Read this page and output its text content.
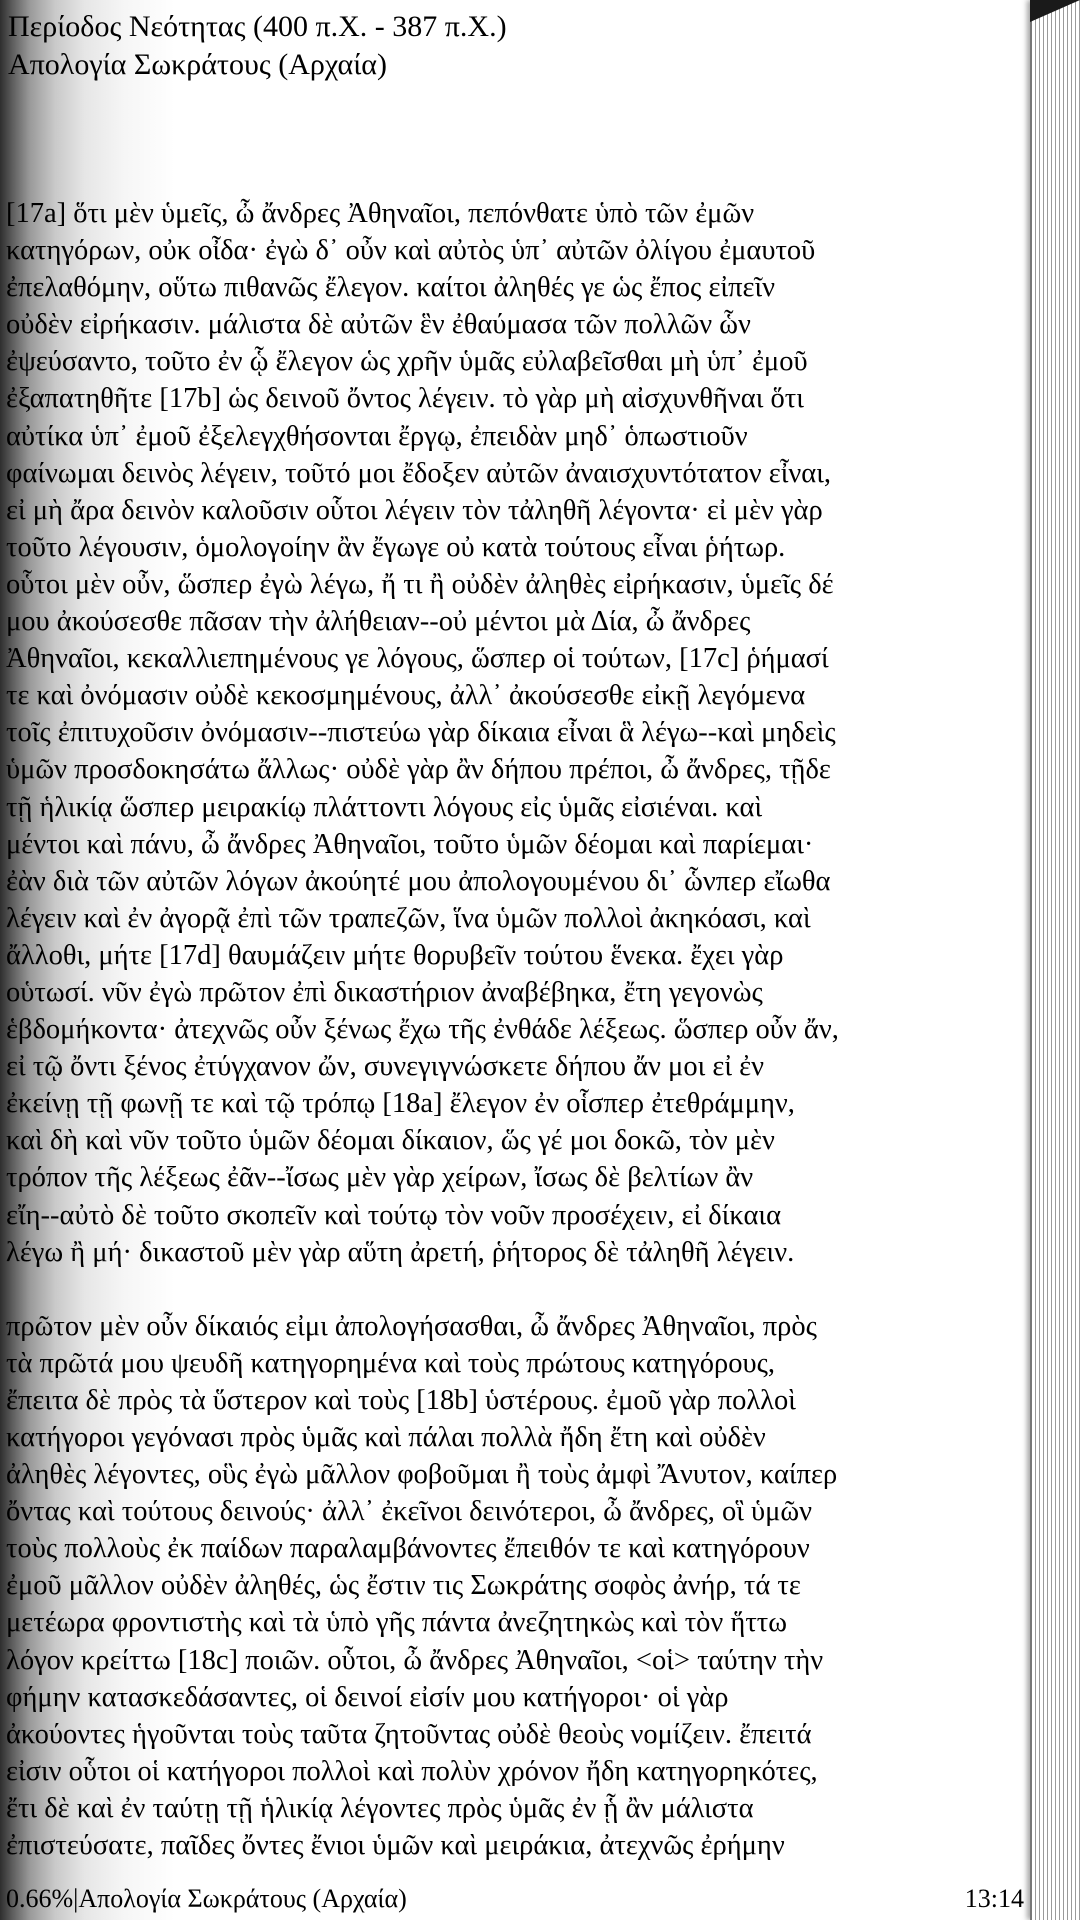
Περίοδος Νεότητας (400 π.Χ. - 387 π.Χ.)
Απολογία Σωκράτους (Αρχαία)

[17a] ὅτι μὲν ὑμεῖς, ὦ ἄνδρες Ἀθηναῖοι, πεπόνθατε ὑπὸ τῶν ἐμῶν
κατηγόρων, οὐκ οἶδα· ἐγὼ δ᾽ οὖν καὶ αὐτὸς ὑπ᾽ αὐτῶν ὀλίγου ἐμαυτοῦ
ἐπελαθόμην, οὕτω πιθανῶς ἔλεγον. καίτοι ἀληθές γε ὡς ἔπος εἰπεῖν
οὐδὲν εἰρήκασιν. μάλιστα δὲ αὐτῶν ἓν ἐθαύμασα τῶν πολλῶν ὧν
ἐψεύσαντο, τοῦτο ἐν ᾧ ἔλεγον ὡς χρῆν ὑμᾶς εὐλαβεῖσθαι μὴ ὑπ᾽ ἐμοῦ
ἐξαπατηθῆτε [17b] ὡς δεινοῦ ὄντος λέγειν. τὸ γὰρ μὴ αἰσχυνθῆναι ὅτι
αὐτίκα ὑπ᾽ ἐμοῦ ἐξελεγχθήσονται ἔργῳ, ἐπειδὰν μηδ᾽ ὁπωστιοῦν
φαίνωμαι δεινὸς λέγειν, τοῦτό μοι ἔδοξεν αὐτῶν ἀναισχυντότατον εἶναι,
εἰ μὴ ἄρα δεινὸν καλοῦσιν οὗτοι λέγειν τὸν τἀληθῆ λέγοντα· εἰ μὲν γὰρ
τοῦτο λέγουσιν, ὁμολογοίην ἂν ἔγωγε οὐ κατὰ τούτους εἶναι ῥήτωρ.
οὗτοι μὲν οὖν, ὥσπερ ἐγὼ λέγω, ἤ τι ἢ οὐδὲν ἀληθὲς εἰρήκασιν, ὑμεῖς δέ
μου ἀκούσεσθε πᾶσαν τὴν ἀλήθειαν--οὐ μέντοι μὰ Δία, ὦ ἄνδρες
Ἀθηναῖοι, κεκαλλιεπημένους γε λόγους, ὥσπερ οἱ τούτων, [17c] ῥήμασί
τε καὶ ὀνόμασιν οὐδὲ κεκοσμημένους, ἀλλ᾽ ἀκούσεσθε εἰκῇ λεγόμενα
τοῖς ἐπιτυχοῦσιν ὀνόμασιν--πιστεύω γὰρ δίκαια εἶναι ἃ λέγω--καὶ μηδεὶς
ὑμῶν προσδοκησάτω ἄλλως· οὐδὲ γὰρ ἂν δήπου πρέποι, ὦ ἄνδρες, τῇδε
τῇ ἡλικίᾳ ὥσπερ μειρακίῳ πλάττοντι λόγους εἰς ὑμᾶς εἰσιέναι. καὶ
μέντοι καὶ πάνυ, ὦ ἄνδρες Ἀθηναῖοι, τοῦτο ὑμῶν δέομαι καὶ παρίεμαι·
ἐὰν διὰ τῶν αὐτῶν λόγων ἀκούητέ μου ἀπολογουμένου δι᾽ ὧνπερ εἴωθα
λέγειν καὶ ἐν ἀγορᾷ ἐπὶ τῶν τραπεζῶν, ἵνα ὑμῶν πολλοὶ ἀκηκόασι, καὶ
ἄλλοθι, μήτε [17d] θαυμάζειν μήτε θορυβεῖν τούτου ἕνεκα. ἔχει γὰρ
οὑτωσί. νῦν ἐγὼ πρῶτον ἐπὶ δικαστήριον ἀναβέβηκα, ἔτη γεγονὼς
ἑβδομήκοντα· ἀτεχνῶς οὖν ξένως ἔχω τῆς ἐνθάδε λέξεως. ὥσπερ οὖν ἄν,
εἰ τῷ ὄντι ξένος ἐτύγχανον ὤν, συνεγιγνώσκετε δήπου ἄν μοι εἰ ἐν
ἐκείνῃ τῇ φωνῇ τε καὶ τῷ τρόπῳ [18a] ἔλεγον ἐν οἷσπερ ἐτεθράμμην,
καὶ δὴ καὶ νῦν τοῦτο ὑμῶν δέομαι δίκαιον, ὥς γέ μοι δοκῶ, τὸν μὲν
τρόπον τῆς λέξεως ἐᾶν--ἴσως μὲν γὰρ χείρων, ἴσως δὲ βελτίων ἂν
εἴη--αὐτὸ δὲ τοῦτο σκοπεῖν καὶ τούτῳ τὸν νοῦν προσέχειν, εἰ δίκαια
λέγω ἢ μή· δικαστοῦ μὲν γὰρ αὕτη ἀρετή, ῥήτορος δὲ τἀληθῆ λέγειν.

πρῶτον μὲν οὖν δίκαιός εἰμι ἀπολογήσασθαι, ὦ ἄνδρες Ἀθηναῖοι, πρὸς
τὰ πρῶτά μου ψευδῆ κατηγορημένα καὶ τοὺς πρώτους κατηγόρους,
ἔπειτα δὲ πρὸς τὰ ὕστερον καὶ τοὺς [18b] ὑστέρους. ἐμοῦ γὰρ πολλοὶ
κατήγοροι γεγόνασι πρὸς ὑμᾶς καὶ πάλαι πολλὰ ἤδη ἔτη καὶ οὐδὲν
ἀληθὲς λέγοντες, οὓς ἐγὼ μᾶλλον φοβοῦμαι ἢ τοὺς ἀμφὶ Ἄνυτον, καίπερ
ὄντας καὶ τούτους δεινούς· ἀλλ᾽ ἐκεῖνοι δεινότεροι, ὦ ἄνδρες, οἳ ὑμῶν
τοὺς πολλοὺς ἐκ παίδων παραλαμβάνοντες ἔπειθόν τε καὶ κατηγόρουν
ἐμοῦ μᾶλλον οὐδὲν ἀληθές, ὡς ἔστιν τις Σωκράτης σοφὸς ἀνήρ, τά τε
μετέωρα φροντιστὴς καὶ τὰ ὑπὸ γῆς πάντα ἀνεζητηκὼς καὶ τὸν ἥττω
λόγον κρείττω [18c] ποιῶν. οὗτοι, ὦ ἄνδρες Ἀθηναῖοι, <οἱ> ταύτην τὴν
φήμην κατασκεδάσαντες, οἱ δεινοί εἰσίν μου κατήγοροι· οἱ γὰρ
ἀκούοντες ἡγοῦνται τοὺς ταῦτα ζητοῦντας οὐδὲ θεοὺς νομίζειν. ἔπειτά
εἰσιν οὗτοι οἱ κατήγοροι πολλοὶ καὶ πολὺν χρόνον ἤδη κατηγορηκότες,
ἔτι δὲ καὶ ἐν ταύτῃ τῇ ἡλικίᾳ λέγοντες πρὸς ὑμᾶς ἐν ᾗ ἂν μάλιστα
ἐπιστεύσατε, παῖδες ὄντες ἔνιοι ὑμῶν καὶ μειράκια, ἀτεχνῶς ἐρήμην

0.66%|Απολογία Σωκράτους (Αρχαία)	13:14
